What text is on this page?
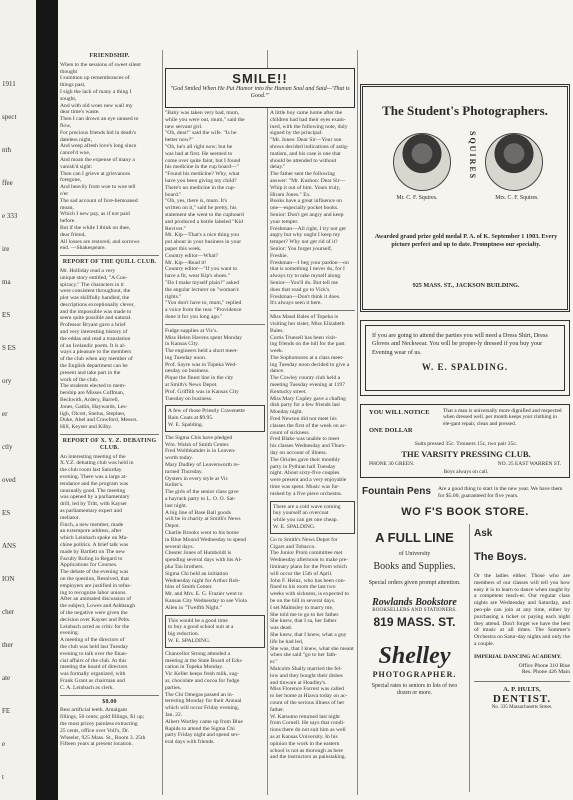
1911
spect
nth
ffee
e 333
ire
ma
ES
S ES
ory
er
ctly
oved
ES
ANS
ION
cher
ther
ate
FE
e
t
FRIENDSHIP.
When to the sessions of sweet silent
thought
I summon up remembrances of
things past,
I sigh the lack of many a thing I
sought,
And with old woes new wail my
dear time's waste.
Then I can drown an eye unused to
flow,
For precious friends hid in death's
dateless night,
And weep afresh love's long since
cancel'd woe,
And moan the expense of many a
vanish'd sight:
Then can I grieve at grievances
foregone,
And heavily from woe to woe tell
o'er
The sad account of fore-bemoaned
moan,
Which I new pay, as if not paid
before.
But if the while I think on thee,
dear friend,
All losses are restored, and sorrows
end. —Shakespeare.
REPORT OF THE QUILL CLUB.
Mr. Holliday read a very
unique story entitled, "A Con-
spiracy." The characters in it
were consistent throughout, the
plot was skillfully handled, the
descriptions exceptionally clever,
and the impossible was made to
seem quite possible and natural.
Professor Bryant gave a brief
and very interesting history of
the eddas and read a translation
of an Icelandic poem. It is al-
ways a pleasure to the members
of the club when any member of
the English department can be
present and take part in the
work of the club.
The students elected to mem-
bership are Misses Coffman,
Beckwith, Ardery, Barrell,
Jones, Gatlin, Haywards, Les-
ligh, Olcott, Snelus, Stephen,
Duke, Abel and Crawford, Messrs.
Hill, Keyser and Kilby.
REPORT OF X. Y. Z. DEBATING CLUB.
An interesting meeting of the
X.Y.Z. debating club was held in
the club room last Saturday
evening. There was a large at-
tendance and the program was
unusually good. The meeting
was opened by a parliamentary
drill, led by Tritt, with Kayser
as parliamentary expert and
meliator.
Finch, a new member, made
an extempore address, after
which Leinbach spoke on Ma-
chine politics. A brief talk was
made by Bartlett on The new
Faculty Ruling in Regard to
Applications for Courses.
The debate of the evening was
on the question, Resolved, that
employers are justified in refus-
ing to recognize labor unions.
After an animated discussion of
the subject, Lowes and Ashbaugh
of the negative were given the
decision over Kayser and Pelts.
Leinbach acted as critic for the
evening.
A meeting of the directors of
the club was held last Tuesday
evening to talk over the finan-
cial affairs of the club. At this
meeting the board of directors
was formally organized, with
Frank Grant as chairman and
C. A. Leinbach as clerk.
$8.00
Best artificial teeth. Amalgam
fillings, 50 cents; gold fillings, $1 up;
the most pricey painless extracting
25 cents, office over Voll's, Dr.
Wheeler, 925 Mass. St., Room 3. 25th
Fifteen years at present location.
"Baby was taken very bad, mum,
while you were out, mum," said the
new servant girl.
"Oh, dear!" said the wife. "Is he
better now?"
"Oh, he's all right now; but he
was bad at first. He seemed to
come over quite faint, but I found
his medicine in the cup board—"
"Found his medicine? Why, what
have you been giving my child?
There's no medicine in the cup-
board."
"Oh, yes, there is, mum. It's
written on it," said he pretty, his
statement she went to the cupboard
and produced a bottle labeled "Kid
Reviver."
Mr. Kip—That's a nice thing you
put about in your business in your
paper this week.
Country editor—What?
Mr. Kip—Read it!
Country editor—"If you want to
have a fit, wear Kip's shoes."
"Do I make myself plain?" asked
the angular lecturer on "woman's
rights."
"You don't have to, mum," replied
a voice from the rear. "Providence
done it for you long ago."
Fudge supplies at Vic's.
Miss Helen Havens spent Monday
in Kansas City.
The engineers held a short meet-
ing Tuesday noon.
Prof. Sayre was in Topeka Wed-
nesday on business.
Pique the finest line in the city
at Smith's News Depot.
Prof. Griffith was in Kansas City
Tuesday on business.
A few of those Priestly Cravenette
Rain Coats at $9.95.
W. E. Spalding.
The Sigma Chis have pledged
Wm. Walsh of Smith Center.
Fred Wolthkahder is in Leaven-
worth today.
Mary Dudley of Leavenworth re-
turned Thursday.
Oysters in every style at Vic
Keller's.
The girls of the senior class gave
a hayrack party to L. O. O. Sat-
last night.
A big line of Base Ball goods
will be in charity at Smith's News
Depot.
Charlie Brooks went to his home
in Blue Mound Wednesday to spend
several days.
Chester Jones of Humboldt is
spending several days with his Al-
pha Tau brothers.
Sigma Chi held an initiation
Wednesday night for Arthur Rob-
bins of Smith Center.
Mr. and Mrs. E. G. Frazier went to
Kansas City Wednesday to see Viola
Allen in "Twelfth Night."
This would be a good time
to buy a good school suit at a
big reduction.
W. E. SPALDING.
Chancellor Strong attended a
meeting at the State Board of Edu-
cation in Topeka Monday.
Vic Keller keeps fresh milk, sug-
ar, chocolate and cocoa for fudge
parties.
The Chi Omegas passed an in-
teresting Monday for their Annual
which will occur Friday evening,
Jan. 22.
Albert Wortley came up from Blue
Rapids to attend the Sigma Chi
party Friday night and spend sev-
eral days with friends.
SMILE!!
"God Smiled When He Put Humor into the Human Soul and Said—'That is Good.'"
A little boy came home after the
children had had their eyes exam-
ined, with the following note, duly
signed by the principal:
"Mr. Jones: Dear Sir—Your son
shows decided indications of astig-
matism, and his case is one that
should be attended to without
delay."
The father sent the following
answer: "Mr. Kushon: Dear Sir—
Whip it out of him. Yours truly,
Hiram Jones." Ex.
Books have a great influence on
one—especially pocket books.
Senior: Don't get angry and keep
your temper.
Freshman—All right, I try not get
angry but why ought I keep my
temper? Why not get rid of it?
Senior: You forget yourself,
Freshie.
Freshman—I beg your pardon—on
that is something I never do, for I
always try to take myself along.
Senior—You'll do. But tell me
does that road go to Vick's.
Freshman—Don't think it does.
It's always seen it here.
Miss Maud Bales of Topeka is
visiting her sister, Miss Elizabeth
Bales.
Curtis Truesell has been visit-
ing friends on the hill for the past
week.
The Sophomores at a class meet-
ing Tuesday noon decided to give a
dance.
The Cowley county club held a
meeting Tuesday evening at 1197
Kentucky street.
Miss Mary Copley gave a chafing
dish party for a few friends last
Monday night.
Fred Newton did not meet his
classes the first of the week on ac-
count of sickness.
Fred Blake was unable to meet
his classes Wednesday and Thurs-
day on account of illness.
The Orioles gave their monthly
party in Pythian hall Tuesday
night. About sixty-five couples
were present and a very enjoyable
time was spent. Music was fur-
nished by a five piece orchestra.
There are a cold wave coming
buy yourself an overcoat
while you can get one cheap.
W. E. SPALDING.
Go to Smith's News Depot for
Cigars and Tobacco.
The Junior Prom committee met
Wednesday afternoon to make pre-
liminary plans for the Prom which
will occur the 15th of April.
John F. Heinz, who has been con-
fined to his room the last two
weeks with sickness, is expected to
be on the hill in several days.
I set Malmsley to marry me,
She told me to go to her father.
She knew, that I sa, her father
was dead.
She knew, that I knew, what a guy
life he had led,
She was, that I knew, what she meant
when she said "go to her fath-
er."
Malcolm Shally married the fel-
low and they bought their dishes
and tinware at Hoadley's.
Miss Florence Forrest was called
to her home at Hiawa today on ac-
count of the serious illness of her
father.
W. Katsumo returned last night
from Cornell. He says that condi-
tions there do not suit him as well
as at Kansas University. In his
opinion the work in the eastern
school is not as thorough as here
and the instructors as painstaking.
The Student's Photographers.
SQUIRES
Mr. C. F. Squires.	Mrs. C. F. Squires.
Awarded grand prize gold medal P. A. of K. September 1 1903. Every picture perfect and up to date. Promptness our specialty.
925 MASS. ST., JACKSON BUILDING.
If you are going to attend the parties you will need a Dress Shirt, Dress Gloves and Neckwear. You will be proper-ly dressed if you buy your Evening wear of us.
W. E. SPALDING.
YOU WILL NOTICE
ONE DOLLAR
That a man is universally more dignified and respected when dressed well. per month keeps your clothing in ele-gant repair, clean and pressed.
Suits pressed 35c. Trousers 15c, two pair 25c.
THE VARSITY PRESSING CLUB.
PHONE 30 GREEN.	NO. 25 EAST WARREN ST.
Boys always on call.
Fountain Pens Are a good thing to start in the new year. We have them for $5.00, guaranteed for five years.
WO F'S BOOK STORE.
A FULL LINE
of University
Books and Supplies.
Special orders given prompt attention.
Rowlands Bookstore
BOOKSELLERS AND STATIONERS.
819 MASS. ST.
Shelley
PHOTOGRAPHER.
Special rates to seniors in lots of two dozen or more.
Ask
The Boys.
Or the ladies either. Those who are members of our classes will tell you how easy it is to learn to dance when taught by a competent teach-er. Our regular class nights are Wednesday and Saturday, and peo-ple can join at any time, either by purchasing a ticket or paying each night they attend. Don't forget we have the best of music at all times. The Sommer's Orchestra on Satur-day nights and only the a couple.
IMPERIAL DANCING ACADEMY.
Office Phone 310 Blue
Res. Phone 426 Main
A. P. HULTS,
DENTIST.
No. 335 Massachusetts Street.
